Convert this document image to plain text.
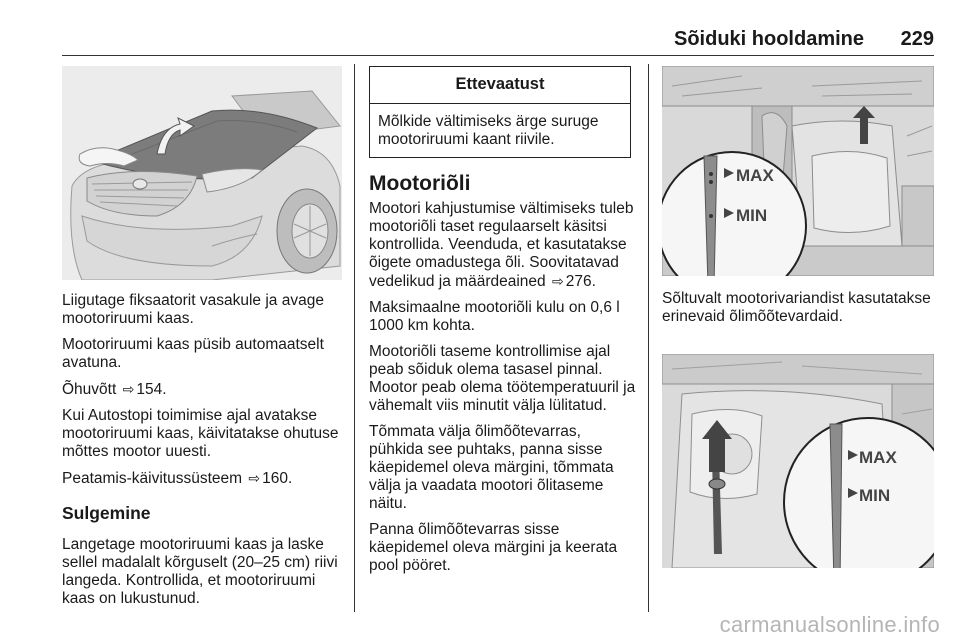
Sõiduki hooldamine 229

Liigutage fiksaatorit vasakule ja avage mootoriruumi kaas.

Mootoriruumi kaas püsib automaatselt avatuna.

Õhuvõtt ⇨ 154.

Kui Autostopi toimimise ajal avatakse mootoriruumi kaas, käivitatakse ohutuse mõttes mootor uuesti.

Peatamis-käivitussüsteem ⇨ 160.

Sulgemine

Langetage mootoriruumi kaas ja laske sellel madalalt kõrguselt (20–25 cm) riivi langeda. Kontrollida, et mootoriruumi kaas on lukustunud.

Ettevaatust
Mõlkide vältimiseks ärge suruge mootoriruumi kaant riivile.
Mootoriõli

Mootori kahjustumise vältimiseks tuleb mootoriõli taset regulaarselt käsitsi kontrollida. Veenduda, et kasutatakse õigete omadustega õli. Soovitatavad vedelikud ja määrdeained ⇨ 276.

Maksimaalne mootoriõli kulu on 0,6 l 1000 km kohta.

Mootoriõli taseme kontrollimise ajal peab sõiduk olema tasasel pinnal. Mootor peab olema töötemperatuuril ja vähemalt viis minutit välja lülitatud.

Tõmmata välja õlimõõtevarras, pühkida see puhtaks, panna sisse käepidemel oleva märgini, tõmmata välja ja vaadata mootori õlitaseme näitu.

Panna õlimõõtevarras sisse käepidemel oleva märgini ja keerata pool pööret.

MAX
MIN

Sõltuvalt mootorivariandist kasutatakse erinevaid õlimõõtevardaid.

MAX
MIN
carmanualsonline.info
